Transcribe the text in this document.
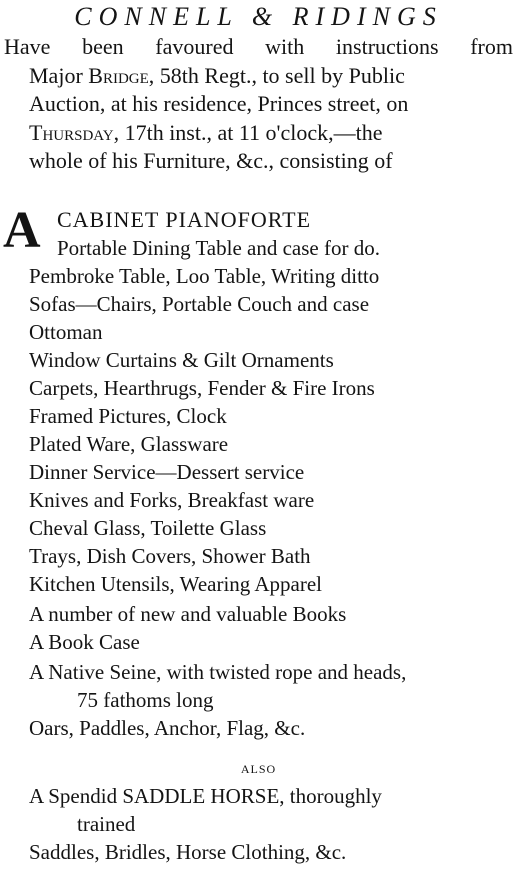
CONNELL & RIDINGS
Have been favoured with instructions from
Major Bridge, 58th Regt., to sell by Public
Auction, at his residence, Princes street, on
Thursday, 17th inst., at 11 o'clock,—the
whole of his Furniture, &c., consisting of
A CABINET PIANOFORTE
Portable Dining Table and case for do.
Pembroke Table, Loo Table, Writing ditto
Sofas—Chairs, Portable Couch and case
Ottoman
Window Curtains & Gilt Ornaments
Carpets, Hearthrugs, Fender & Fire Irons
Framed Pictures, Clock
Plated Ware, Glassware
Dinner Service—Dessert service
Knives and Forks, Breakfast ware
Cheval Glass, Toilette Glass
Trays, Dish Covers, Shower Bath
Kitchen Utensils, Wearing Apparel
A number of new and valuable Books
A Book Case
A Native Seine, with twisted rope and heads,
75 fathoms long
Oars, Paddles, Anchor, Flag, &c.
ALSO
A Spendid SADDLE HORSE, thoroughly
trained
Saddles, Bridles, Horse Clothing, &c.
